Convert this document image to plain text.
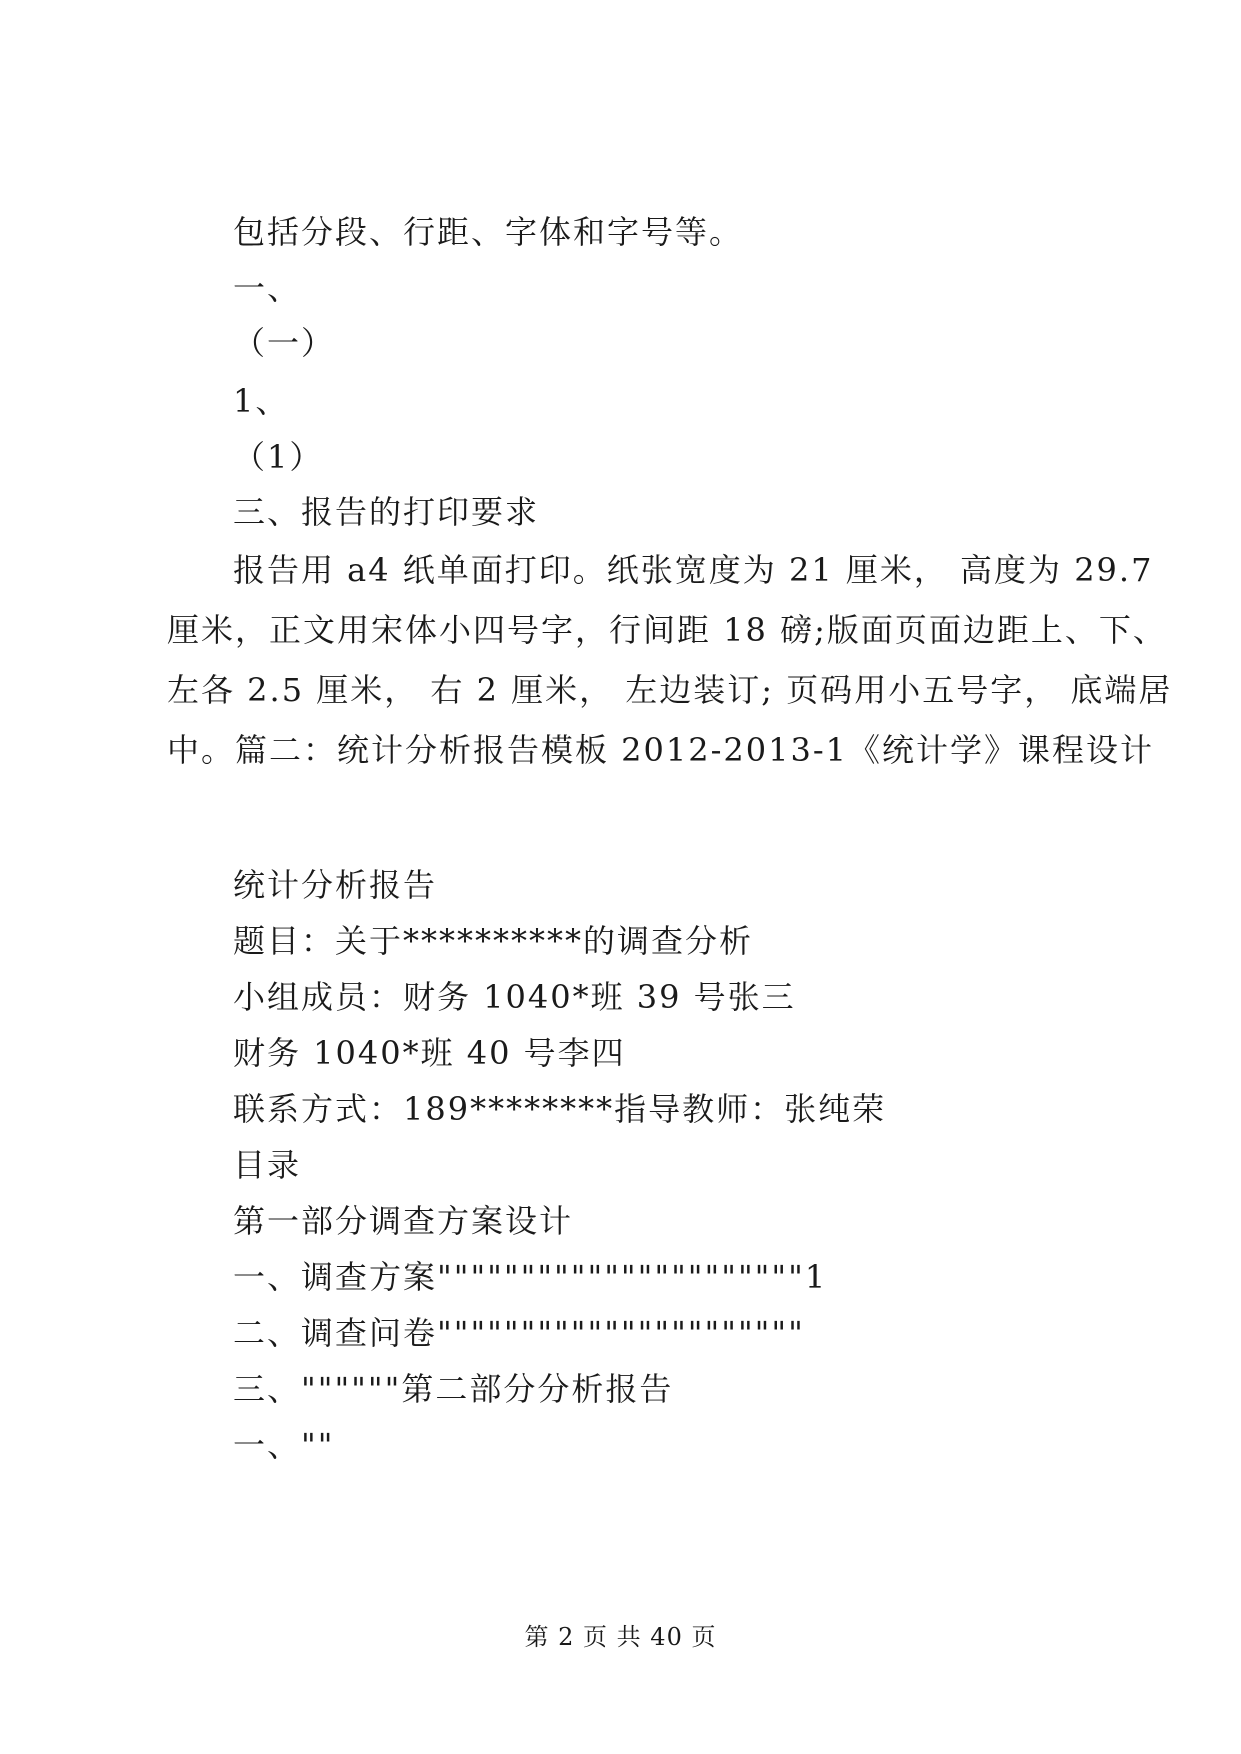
包括分段、行距、字体和字号等。
一、
（一）
1、
（1）
三、报告的打印要求
报告用 a4 纸单面打印。纸张宽度为 21 厘米， 高度为 29.7
厘米，正文用宋体小四号字，行间距 18 磅;版面页面边距上、下、
左各 2.5 厘米， 右 2 厘米， 左边装订; 页码用小五号字， 底端居
中。篇二：统计分析报告模板 2012-2013-1《统计学》课程设计
统计分析报告
题目：关于**********的调查分析
小组成员：财务 1040*班 39 号张三
财务 1040*班 40 号李四
联系方式：189********指导教师：张纯荣
目录
第一部分调查方案设计
一、调查方案""""""""""""""""""""""1
二、调查问卷""""""""""""""""""""""
三、""""""第二部分分析报告
一、""
第 2 页 共 40 页
